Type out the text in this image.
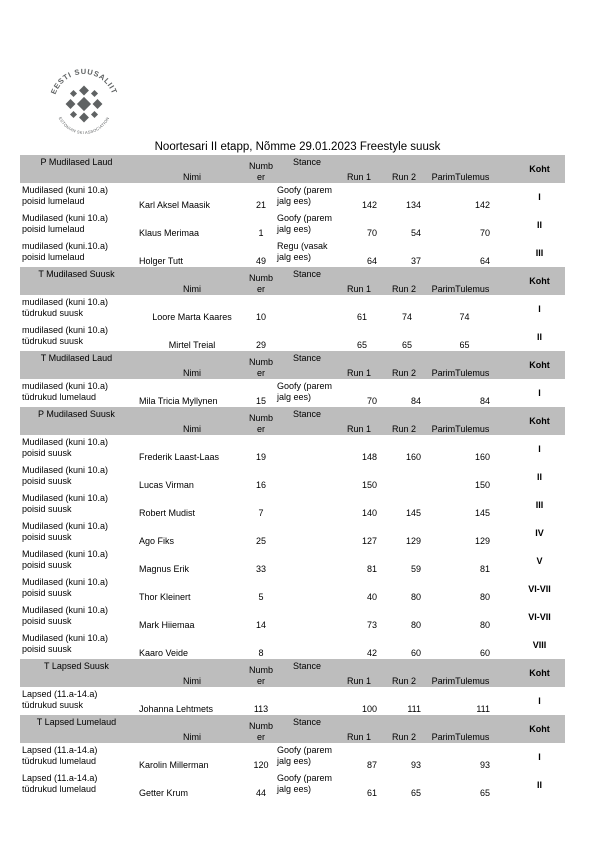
EESTI SUUSALIIT
ESTONIAN SKI ASSOCIATION
Noortesari II etapp, Nõmme 29.01.2023 Freestyle suusk
P Mudilased Laud	Nimi	Numb er	Stance	Run 1	Run 2	ParimTulemus		Koht
Mudilased (kuni 10.a) poisid lumelaud	Karl Aksel Maasik	21	Goofy (parem jalg ees)	142	134	142		I
Mudilased (kuni 10.a) poisid lumelaud	Klaus Merimaa	1	Goofy (parem jalg ees)	70	54	70		II
mudilased (kuni.10.a) poisid lumelaud	Holger Tutt	49	Regu (vasak jalg ees)	64	37	64		III
T Mudilased Suusk	Nimi	Numb er	Stance	Run 1	Run 2	ParimTulemus		Koht
mudilased (kuni 10.a) tüdrukud suusk	Loore Marta Kaares	10		61	74	74		I
mudilased (kuni 10.a) tüdrukud suusk	Mirtel Treial	29		65	65	65		II
T Mudilased Laud	Nimi	Numb er	Stance	Run 1	Run 2	ParimTulemus		Koht
mudilased (kuni 10.a) tüdrukud lumelaud	Mila Tricia Myllynen	15	Goofy (parem jalg ees)	70	84	84		I
P Mudilased Suusk	Nimi	Numb er	Stance	Run 1	Run 2	ParimTulemus		Koht
Mudilased (kuni 10.a) poisid suusk	Frederik Laast-Laas	19		148	160	160		I
Mudilased (kuni 10.a) poisid suusk	Lucas Virman	16		150		150		II
Mudilased (kuni 10.a) poisid suusk	Robert Mudist	7		140	145	145		III
Mudilased (kuni 10.a) poisid suusk	Ago Fiks	25		127	129	129		IV
Mudilased (kuni 10.a) poisid suusk	Magnus Erik	33		81	59	81		V
Mudilased (kuni 10.a) poisid suusk	Thor Kleinert	5		40	80	80		VI-VII
Mudilased (kuni 10.a) poisid suusk	Mark Hiiemaa	14		73	80	80		VI-VII
Mudilased (kuni 10.a) poisid suusk	Kaaro Veide	8		42	60	60		VIII
T Lapsed Suusk	Nimi	Numb er	Stance	Run 1	Run 2	ParimTulemus		Koht
Lapsed (11.a-14.a) tüdrukud suusk	Johanna Lehtmets	113		100	111	111		I
T Lapsed Lumelaud	Nimi	Numb er	Stance	Run 1	Run 2	ParimTulemus		Koht
Lapsed (11.a-14.a) tüdrukud lumelaud	Karolin Millerman	120	Goofy (parem jalg ees)	87	93	93		I
Lapsed (11.a-14.a) tüdrukud lumelaud	Getter Krum	44	Goofy (parem jalg ees)	61	65	65		II
